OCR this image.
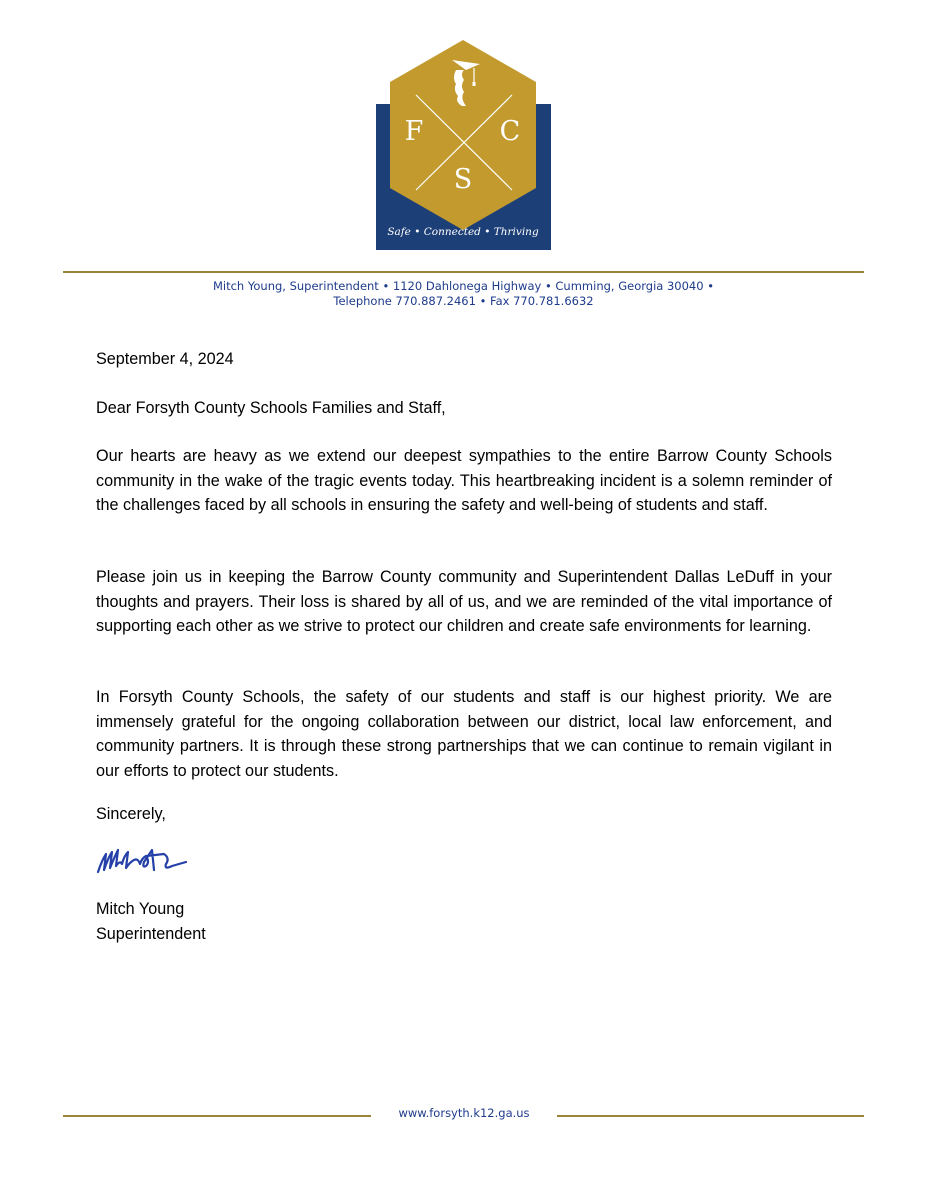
F	C
S
Safe • Connected • Thriving
Mitch Young, Superintendent • 1120 Dahlonega Highway • Cumming, Georgia 30040 •
Telephone 770.887.2461 • Fax 770.781.6632
September 4, 2024
Dear Forsyth County Schools Families and Staff,
Our hearts are heavy as we extend our deepest sympathies to the entire Barrow County Schools community in the wake of the tragic events today. This heartbreaking incident is a solemn reminder of the challenges faced by all schools in ensuring the safety and well-being of students and staff.
Please join us in keeping the Barrow County community and Superintendent Dallas LeDuff in your thoughts and prayers. Their loss is shared by all of us, and we are reminded of the vital importance of supporting each other as we strive to protect our children and create safe environments for learning.
In Forsyth County Schools, the safety of our students and staff is our highest priority. We are immensely grateful for the ongoing collaboration between our district, local law enforcement, and community partners. It is through these strong partnerships that we can continue to remain vigilant in our efforts to protect our students.
Sincerely,
Mitch Young
Superintendent
www.forsyth.k12.ga.us
